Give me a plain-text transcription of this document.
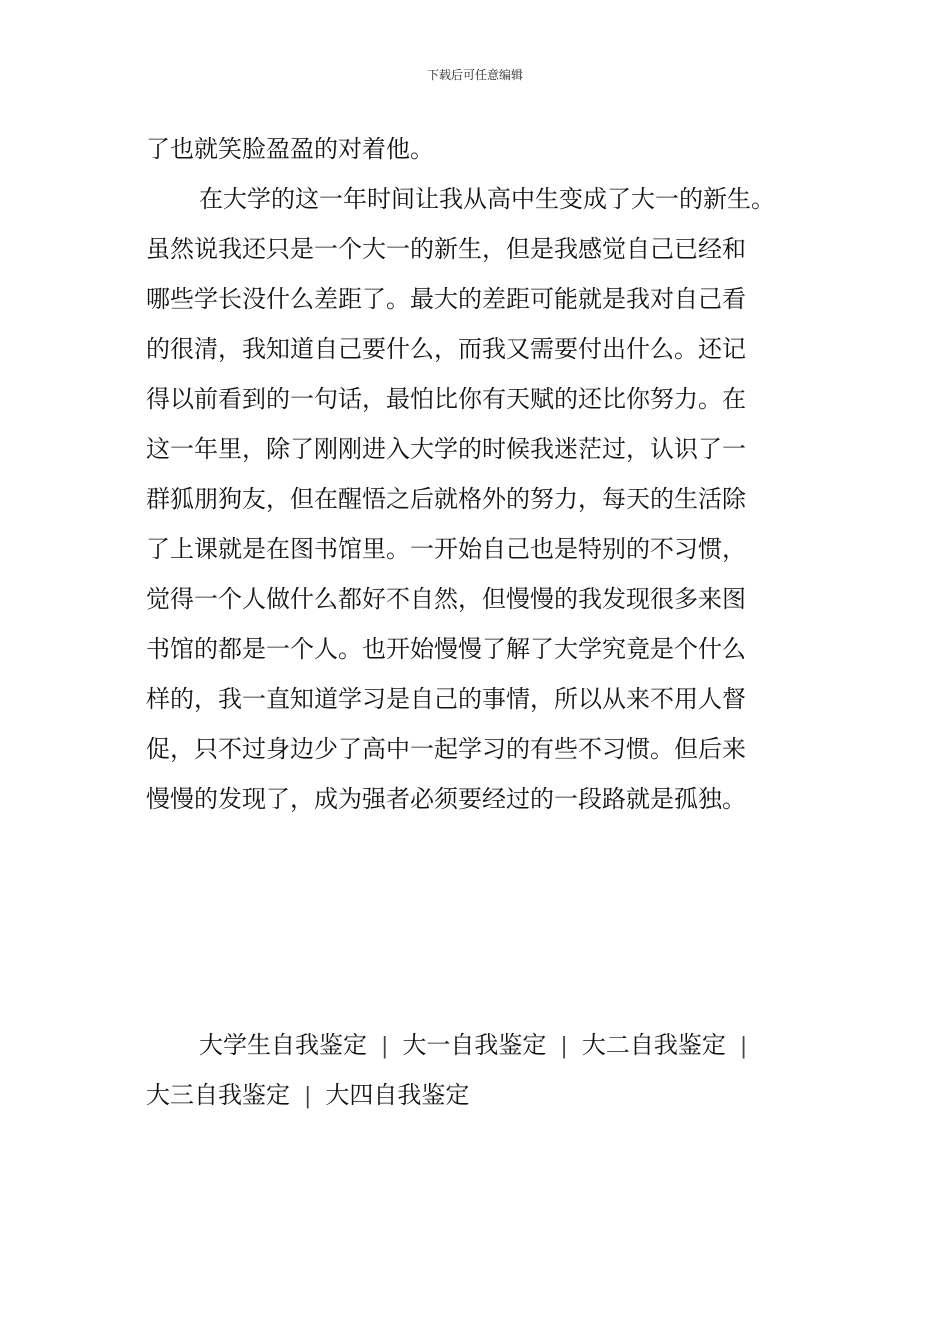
下载后可任意编辑
了也就笑脸盈盈的对着他。
在大学的这一年时间让我从高中生变成了大一的新生。
虽然说我还只是一个大一的新生，但是我感觉自己已经和
哪些学长没什么差距了。最大的差距可能就是我对自己看
的很清，我知道自己要什么，而我又需要付出什么。还记
得以前看到的一句话，最怕比你有天赋的还比你努力。在
这一年里，除了刚刚进入大学的时候我迷茫过，认识了一
群狐朋狗友，但在醒悟之后就格外的努力，每天的生活除
了上课就是在图书馆里。一开始自己也是特别的不习惯，
觉得一个人做什么都好不自然，但慢慢的我发现很多来图
书馆的都是一个人。也开始慢慢了解了大学究竟是个什么
样的，我一直知道学习是自己的事情，所以从来不用人督
促，只不过身边少了高中一起学习的有些不习惯。但后来
慢慢的发现了，成为强者必须要经过的一段路就是孤独。
大学生自我鉴定 | 大一自我鉴定 | 大二自我鉴定 |
大三自我鉴定 | 大四自我鉴定
